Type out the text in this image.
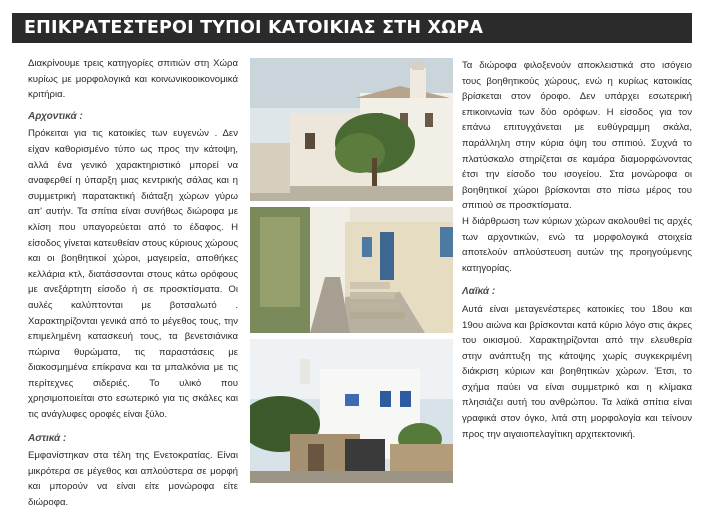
ΕΠΙΚΡΑΤΕΣΤΕΡΟΙ ΤΥΠΟΙ ΚΑΤΟΙΚΙΑΣ ΣΤΗ ΧΩΡΑ

Διακρίνουμε τρεις κατηγορίες σπιτιών στη Χώρα κυρίως με μορφολογικά και κοινωνικοοικονομικά κριτήρια.

Αρχοντικά :

Πρόκειται για τις κατοικίες των ευγενών . Δεν είχαν καθορισμένο τύπο ως προς την κάτοψη, αλλά ένα γενικό χαρακτηριστικό μπορεί να αναφερθεί η ύπαρξη μιας κεντρικής σάλας και η συμμετρική παρατακτική διάταξη χώρων γύρω απ' αυτήν. Τα σπίτια είναι συνήθως διώροφα με κλίση που υπαγορεύεται από το έδαφος. Η είσοδος γίνεται κατευθείαν στους κύριους χώρους και οι βοηθητικοί χώροι, μαγειρεία, αποθήκες κελλάρια κτλ, διατάσσονται στους κάτω ορόφους με ανεξάρτητη είσοδο ή σε προσκτίσματα. Οι αυλές καλύπτονται με βοτσαλωτό . Χαρακτηρίζονται γενικά από το μέγεθος τους, την επιμελημένη κατασκευή τους, τα βενετσιάνικα πώρινα θυρώματα, τις παραστάσεις με διακοσμημένα επίκρανα και τα μπαλκόνια με τις περίτεχνες σιδεριές. Το υλικό που χρησιμοποιείται στο εσωτερικό για τις σκάλες και τις ανάγλυφες οροφές είναι ξύλο.

Αστικά :

Εμφανίστηκαν στα τέλη της Ενετοκρατίας. Είναι μικρότερα σε μέγεθος και απλούστερα σε μορφή και μπορούν να είναι είτε μονώροφα είτε διώροφα.

Τα διώροφα φιλοξενούν αποκλειστικά στο ισόγειο τους βοηθητικούς χώρους, ενώ η κυρίως κατοικίας βρίσκεται στον όροφο. Δεν υπάρχει εσωτερική επικοινωνία των δύο ορόφων. Η είσοδος για τον επάνω επιτυγχάνεται με ευθύγραμμη σκάλα, παράλληλη στην κύρια όψη του σπιτιού. Συχνά το πλατύσκαλο στηρίζεται σε καμάρα διαμορφώνοντας έτσι την είσοδο του ισογείου. Στα μονώροφα οι βοηθητικοί χώροι βρίσκονται στο πίσω μέρος του σπιτιού σε προσκτίσματα.

Η διάρθρωση των κύριων χώρων ακολουθεί τις αρχές των αρχοντικών, ενώ τα μορφολογικά στοιχεία αποτελούν απλούστευση αυτών της προηγούμενης κατηγορίας.

Λαϊκά :

Αυτά είναι μεταγενέστερες κατοικίες του 18ου και 19ου αιώνα και βρίσκονται κατά κύριο λόγο στις άκρες του οικισμού. Χαρακτηρίζονται από την ελευθερία στην ανάπτυξη της κάτοψης χωρίς συγκεκριμένη διάκριση κύριων και βοηθητικών χώρων. Έτσι, το σχήμα παύει να είναι συμμετρικό και η κλίμακα πλησιάζει αυτή του ανθρώπου. Τα λαϊκά σπίτια είναι γραφικά στον όγκο, λιτά στη μορφολογία και τείνουν προς την αιγαιοπελαγίτικη αρχιτεκτονική.
